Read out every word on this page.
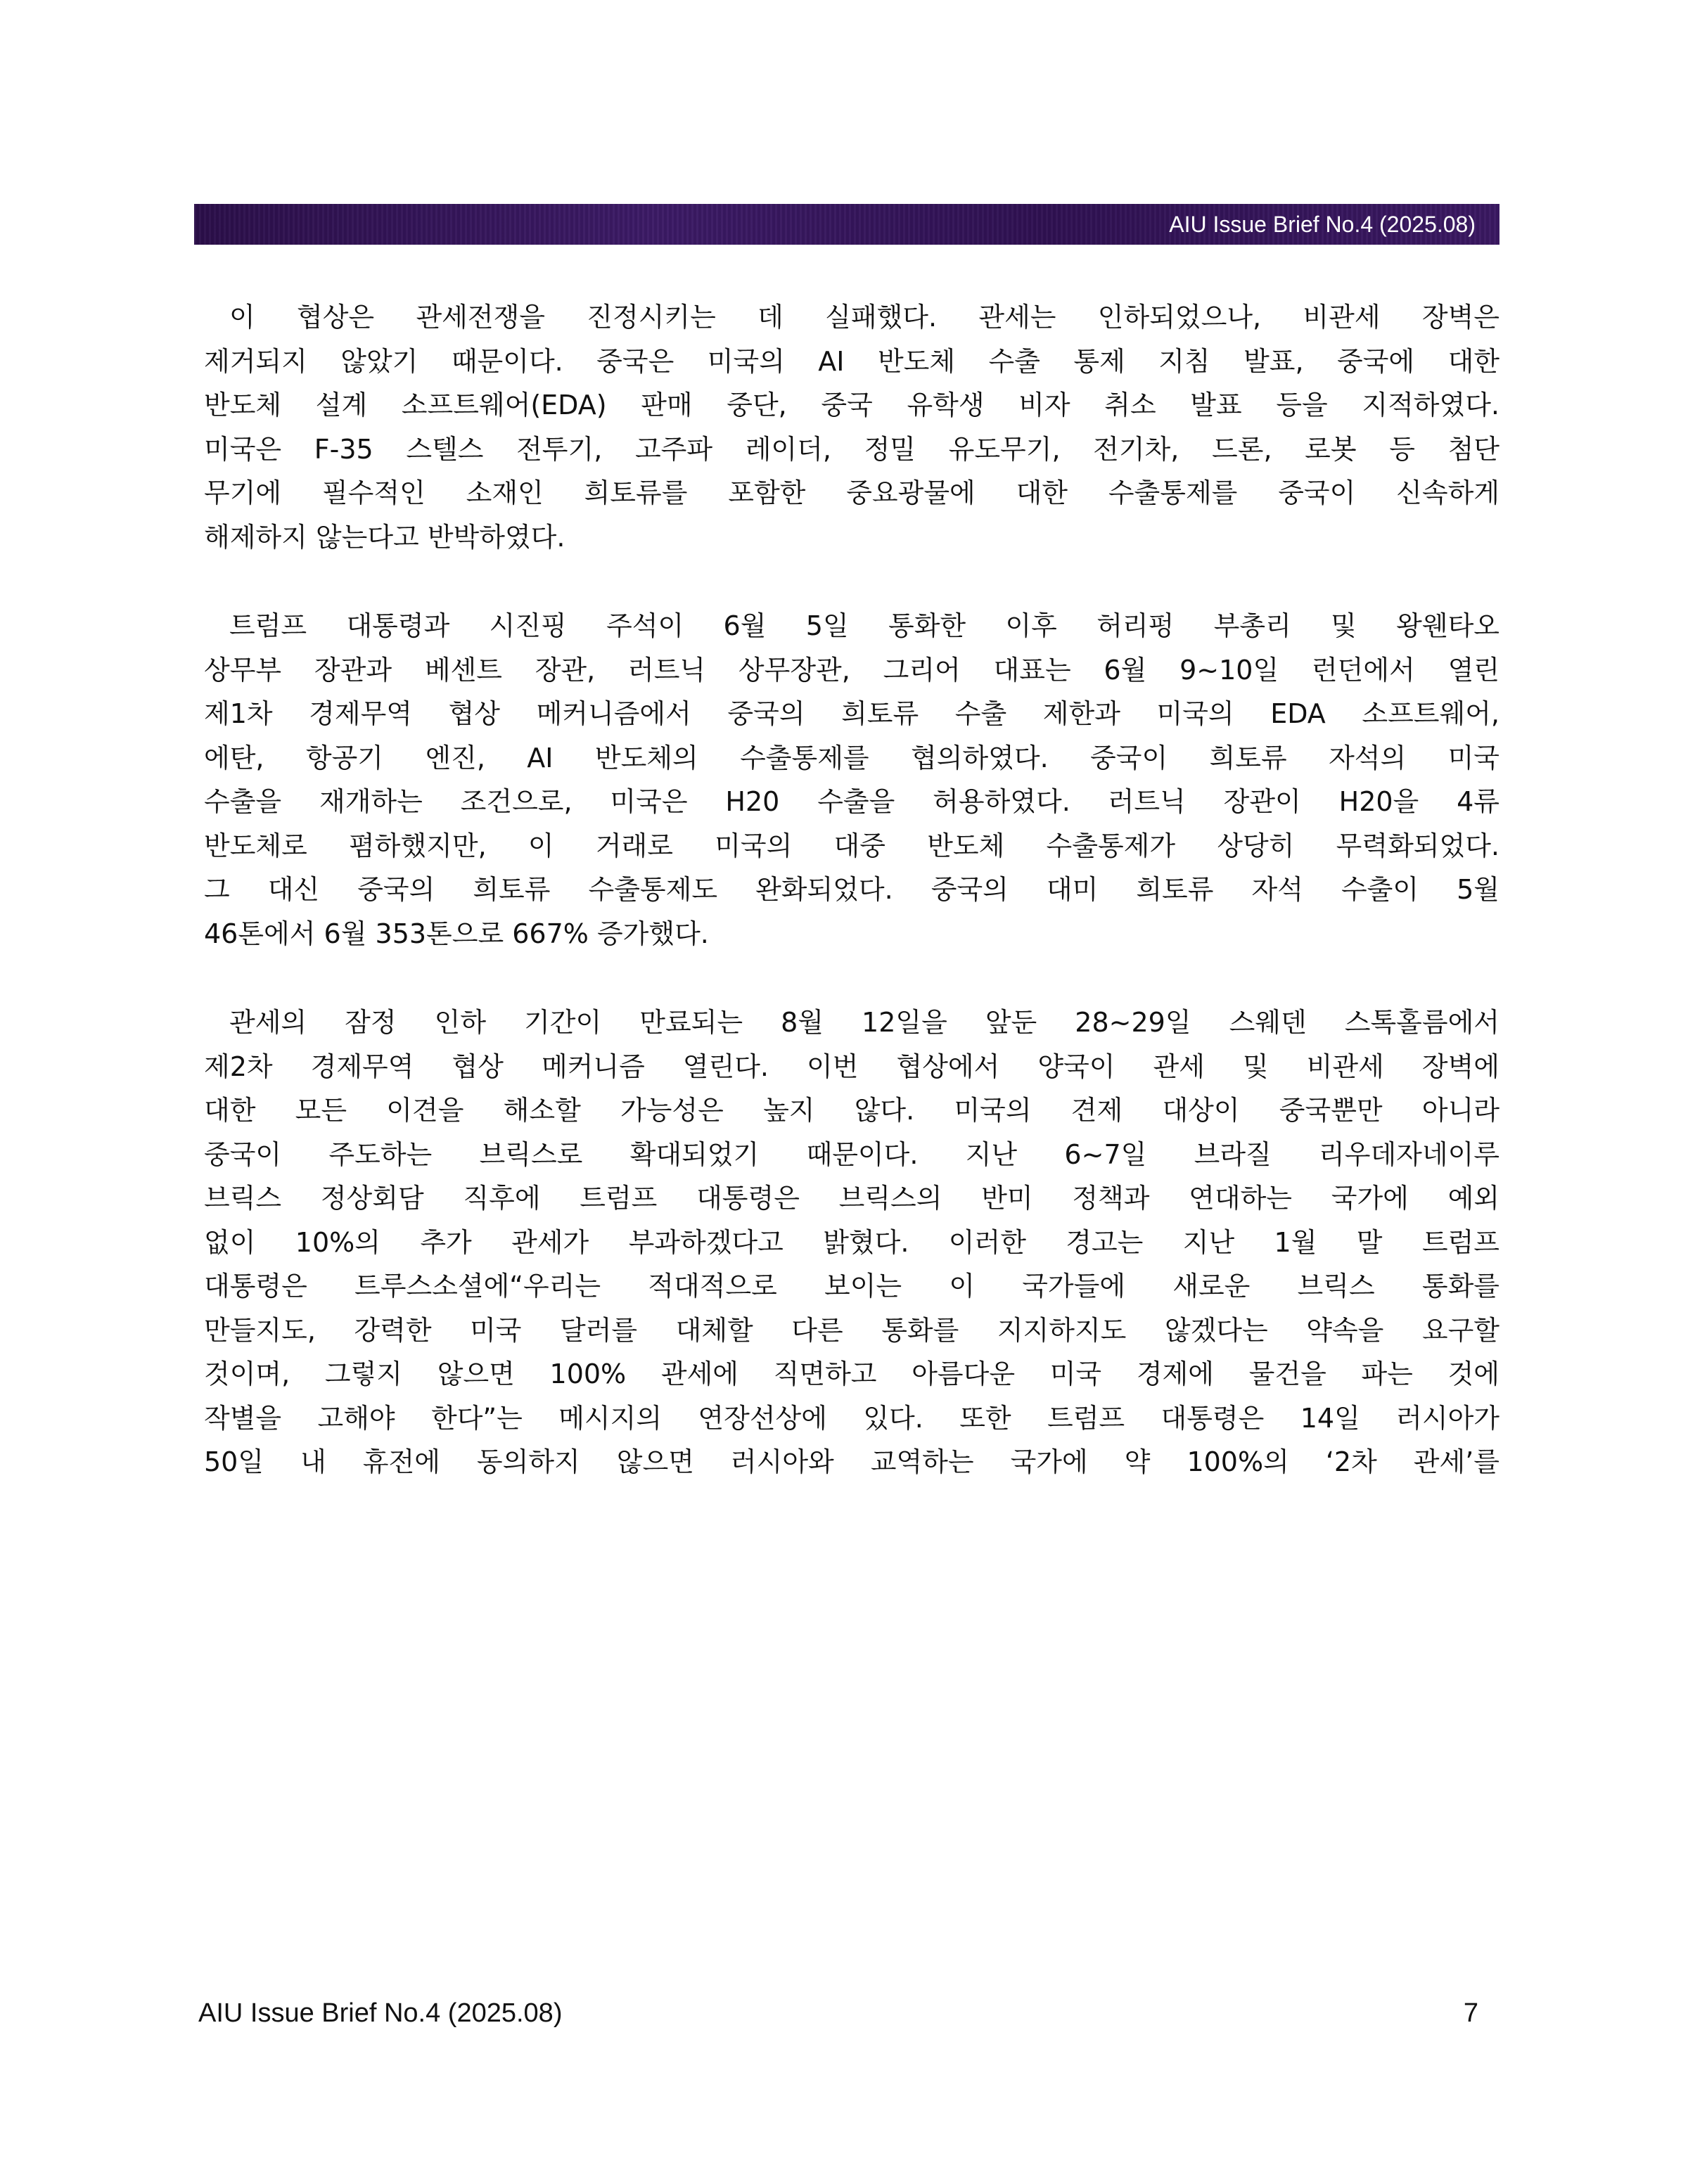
AIU Issue Brief No.4 (2025.08)

이 협상은 관세전쟁을 진정시키는 데 실패했다. 관세는 인하되었으나, 비관세 장벽은
제거되지 않았기 때문이다. 중국은 미국의 AI 반도체 수출 통제 지침 발표, 중국에 대한
반도체 설계 소프트웨어(EDA) 판매 중단, 중국 유학생 비자 취소 발표 등을 지적하였다.
미국은 F-35 스텔스 전투기, 고주파 레이더, 정밀 유도무기, 전기차, 드론, 로봇 등 첨단
무기에 필수적인 소재인 희토류를 포함한 중요광물에 대한 수출통제를 중국이 신속하게
해제하지 않는다고 반박하였다.

트럼프 대통령과 시진핑 주석이 6월 5일 통화한 이후 허리펑 부총리 및 왕웬타오
상무부 장관과 베센트 장관, 러트닉 상무장관, 그리어 대표는 6월 9~10일 런던에서 열린
제1차 경제무역 협상 메커니즘에서 중국의 희토류 수출 제한과 미국의 EDA 소프트웨어,
에탄, 항공기 엔진, AI 반도체의 수출통제를 협의하였다. 중국이 희토류 자석의 미국
수출을 재개하는 조건으로, 미국은 H20 수출을 허용하였다. 러트닉 장관이 H20을 4류
반도체로 폄하했지만, 이 거래로 미국의 대중 반도체 수출통제가 상당히 무력화되었다.
그 대신 중국의 희토류 수출통제도 완화되었다. 중국의 대미 희토류 자석 수출이 5월
46톤에서 6월 353톤으로 667% 증가했다.

관세의 잠정 인하 기간이 만료되는 8월 12일을 앞둔 28~29일 스웨덴 스톡홀름에서
제2차 경제무역 협상 메커니즘 열린다. 이번 협상에서 양국이 관세 및 비관세 장벽에
대한 모든 이견을 해소할 가능성은 높지 않다. 미국의 견제 대상이 중국뿐만 아니라
중국이 주도하는 브릭스로 확대되었기 때문이다. 지난 6~7일 브라질 리우데자네이루
브릭스 정상회담 직후에 트럼프 대통령은 브릭스의 반미 정책과 연대하는 국가에 예외
없이 10%의 추가 관세가 부과하겠다고 밝혔다. 이러한 경고는 지난 1월 말 트럼프
대통령은 트루스소셜에“우리는 적대적으로 보이는 이 국가들에 새로운 브릭스 통화를
만들지도, 강력한 미국 달러를 대체할 다른 통화를 지지하지도 않겠다는 약속을 요구할
것이며, 그렇지 않으면 100% 관세에 직면하고 아름다운 미국 경제에 물건을 파는 것에
작별을 고해야 한다”는 메시지의 연장선상에 있다. 또한 트럼프 대통령은 14일 러시아가
50일 내 휴전에 동의하지 않으면 러시아와 교역하는 국가에 약 100%의 ‘2차 관세’를

AIU Issue Brief No.4 (2025.08)	7
